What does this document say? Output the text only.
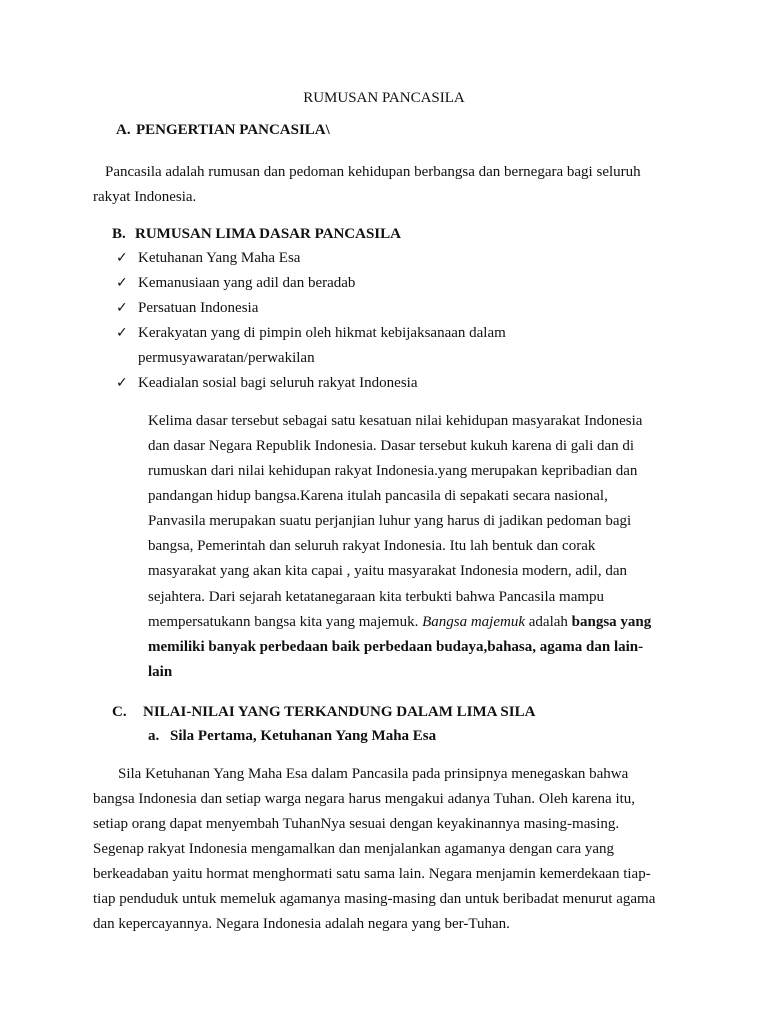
RUMUSAN PANCASILA
A. PENGERTIAN PANCASILA\
Pancasila adalah rumusan dan pedoman kehidupan berbangsa dan bernegara bagi seluruh
rakyat Indonesia.
B. RUMUSAN LIMA DASAR PANCASILA
✓ Ketuhanan Yang Maha Esa
✓ Kemanusiaan yang adil dan beradab
✓ Persatuan Indonesia
✓ Kerakyatan yang di pimpin oleh hikmat kebijaksanaan dalam
permusyawaratan/perwakilan
✓ Keadialan sosial bagi seluruh rakyat Indonesia
Kelima dasar tersebut sebagai satu kesatuan nilai kehidupan masyarakat Indonesia
dan dasar Negara Republik Indonesia. Dasar tersebut kukuh karena di gali dan di
rumuskan dari nilai kehidupan rakyat Indonesia.yang merupakan kepribadian dan
pandangan hidup bangsa.Karena itulah pancasila di sepakati secara nasional,
Panvasila merupakan suatu perjanjian luhur yang harus di jadikan pedoman bagi
bangsa, Pemerintah dan seluruh rakyat Indonesia. Itu lah bentuk dan corak
masyarakat yang akan kita capai , yaitu masyarakat Indonesia modern, adil, dan
sejahtera. Dari sejarah ketatanegaraan kita terbukti bahwa Pancasila mampu
mempersatukann bangsa kita yang majemuk. Bangsa majemuk adalah bangsa yang
memiliki banyak perbedaan baik perbedaan budaya,bahasa, agama dan lain-
lain
C. NILAI-NILAI YANG TERKANDUNG DALAM LIMA SILA
a. Sila Pertama, Ketuhanan Yang Maha Esa
Sila Ketuhanan Yang Maha Esa dalam Pancasila pada prinsipnya menegaskan bahwa
bangsa Indonesia dan setiap warga negara harus mengakui adanya Tuhan. Oleh karena itu,
setiap orang dapat menyembah TuhanNya sesuai dengan keyakinannya masing-masing.
Segenap rakyat Indonesia mengamalkan dan menjalankan agamanya dengan cara yang
berkeadaban yaitu hormat menghormati satu sama lain. Negara menjamin kemerdekaan tiap-
tiap penduduk untuk memeluk agamanya masing-masing dan untuk beribadat menurut agama
dan kepercayannya. Negara Indonesia adalah negara yang ber-Tuhan.
